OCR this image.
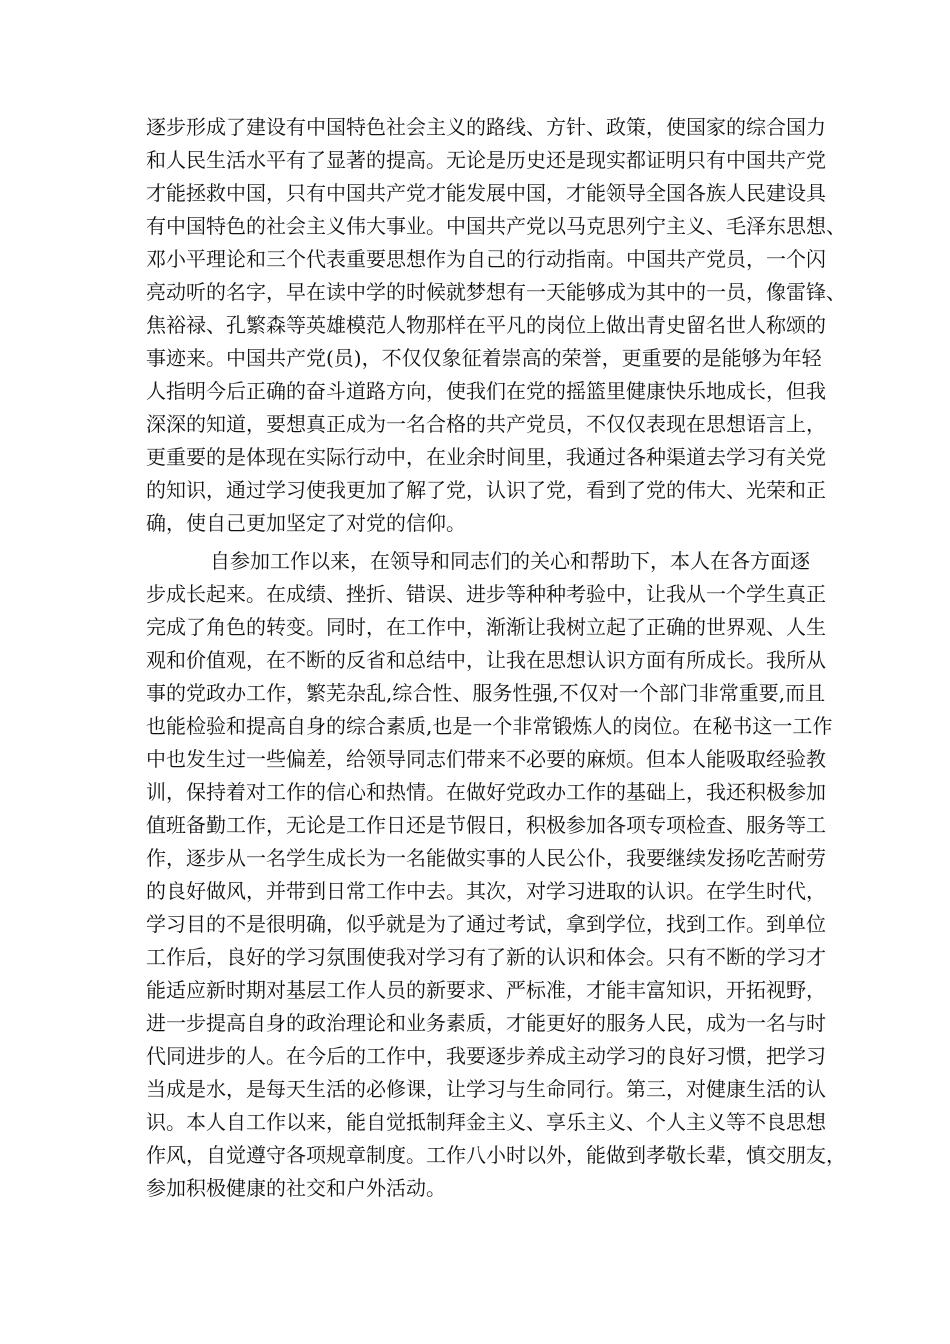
逐步形成了建设有中国特色社会主义的路线、方针、政策，使国家的综合国力
和人民生活水平有了显著的提高。无论是历史还是现实都证明只有中国共产党
才能拯救中国，只有中国共产党才能发展中国，才能领导全国各族人民建设具
有中国特色的社会主义伟大事业。中国共产党以马克思列宁主义、毛泽东思想、
邓小平理论和三个代表重要思想作为自己的行动指南。中国共产党员，一个闪
亮动听的名字，早在读中学的时候就梦想有一天能够成为其中的一员，像雷锋、
焦裕禄、孔繁森等英雄模范人物那样在平凡的岗位上做出青史留名世人称颂的
事迹来。中国共产党(员)，不仅仅象征着崇高的荣誉，更重要的是能够为年轻
人指明今后正确的奋斗道路方向，使我们在党的摇篮里健康快乐地成长，但我
深深的知道，要想真正成为一名合格的共产党员，不仅仅表现在思想语言上，
更重要的是体现在实际行动中，在业余时间里，我通过各种渠道去学习有关党
的知识，通过学习使我更加了解了党，认识了党，看到了党的伟大、光荣和正
确，使自己更加坚定了对党的信仰。
自参加工作以来，在领导和同志们的关心和帮助下，本人在各方面逐
步成长起来。在成绩、挫折、错误、进步等种种考验中，让我从一个学生真正
完成了角色的转变。同时，在工作中，渐渐让我树立起了正确的世界观、人生
观和价值观，在不断的反省和总结中，让我在思想认识方面有所成长。我所从
事的党政办工作，繁芜杂乱,综合性、服务性强,不仅对一个部门非常重要,而且
也能检验和提高自身的综合素质,也是一个非常锻炼人的岗位。在秘书这一工作
中也发生过一些偏差，给领导同志们带来不必要的麻烦。但本人能吸取经验教
训，保持着对工作的信心和热情。在做好党政办工作的基础上，我还积极参加
值班备勤工作，无论是工作日还是节假日，积极参加各项专项检查、服务等工
作，逐步从一名学生成长为一名能做实事的人民公仆，我要继续发扬吃苦耐劳
的良好做风，并带到日常工作中去。其次，对学习进取的认识。在学生时代，
学习目的不是很明确，似乎就是为了通过考试，拿到学位，找到工作。到单位
工作后，良好的学习氛围使我对学习有了新的认识和体会。只有不断的学习才
能适应新时期对基层工作人员的新要求、严标准，才能丰富知识，开拓视野，
进一步提高自身的政治理论和业务素质，才能更好的服务人民，成为一名与时
代同进步的人。在今后的工作中，我要逐步养成主动学习的良好习惯，把学习
当成是水，是每天生活的必修课，让学习与生命同行。第三，对健康生活的认
识。本人自工作以来，能自觉抵制拜金主义、享乐主义、个人主义等不良思想
作风，自觉遵守各项规章制度。工作八小时以外，能做到孝敬长辈，慎交朋友，
参加积极健康的社交和户外活动。
